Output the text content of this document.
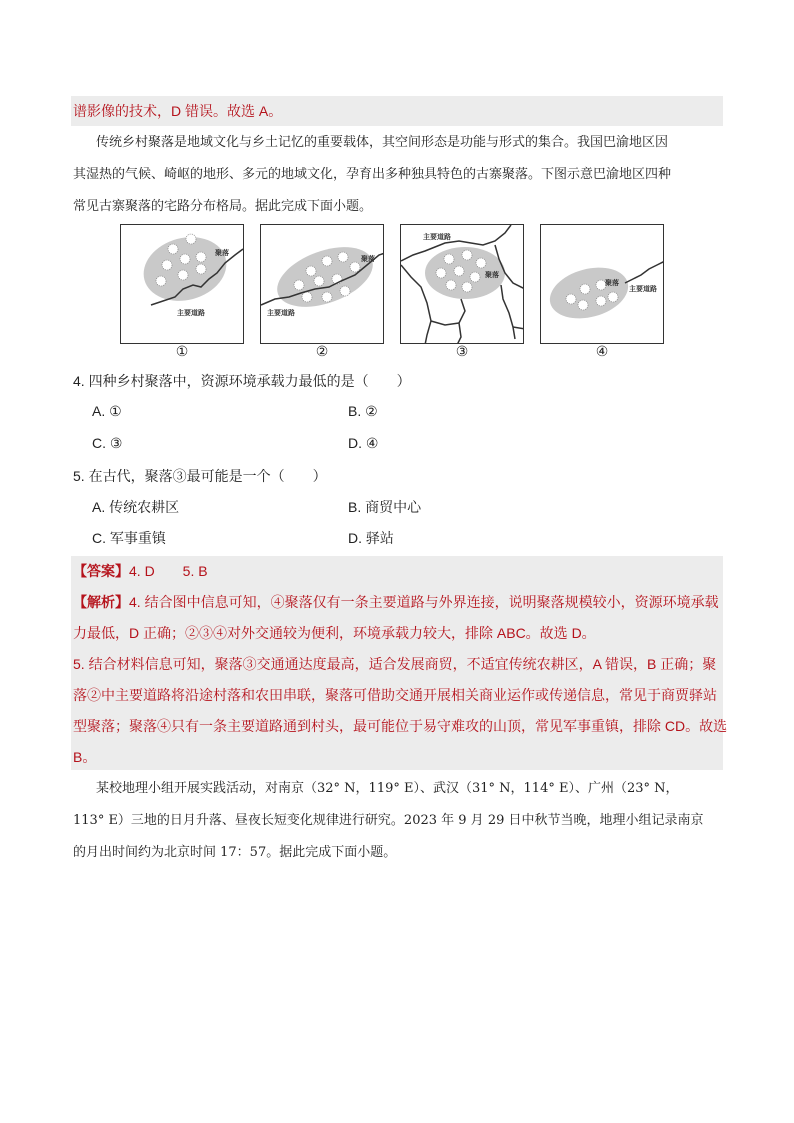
谱影像的技术，D 错误。故选 A。
传统乡村聚落是地域文化与乡土记忆的重要载体，其空间形态是功能与形式的集合。我国巴渝地区因
其湿热的气候、崎岖的地形、多元的地域文化，孕育出多种独具特色的古寨聚落。下图示意巴渝地区四种
常见古寨聚落的宅路分布格局。据此完成下面小题。
聚落
主要道路
①
聚落
主要道路
②
主要道路
聚落
③
聚落
主要道路
④
4. 四种乡村聚落中，资源环境承载力最低的是（　　）
A. ①	B. ②
C. ③	D. ④
5. 在古代，聚落③最可能是一个（　　）
A. 传统农耕区	B. 商贸中心
C. 军事重镇	D. 驿站
【答案】4. D　　5. B
【解析】4. 结合图中信息可知，④聚落仅有一条主要道路与外界连接，说明聚落规模较小，资源环境承载
力最低，D 正确；②③④对外交通较为便利，环境承载力较大，排除 ABC。故选 D。
5. 结合材料信息可知，聚落③交通通达度最高，适合发展商贸，不适宜传统农耕区，A 错误，B 正确；聚
落②中主要道路将沿途村落和农田串联，聚落可借助交通开展相关商业运作或传递信息，常见于商贾驿站
型聚落；聚落④只有一条主要道路通到村头，最可能位于易守难攻的山顶，常见军事重镇，排除 CD。故选
B。
某校地理小组开展实践活动，对南京（32° N，119° E）、武汉（31° N，114° E）、广州（23° N，
113° E）三地的日月升落、昼夜长短变化规律进行研究。2023 年 9 月 29 日中秋节当晚，地理小组记录南京
的月出时间约为北京时间 17：57。据此完成下面小题。
